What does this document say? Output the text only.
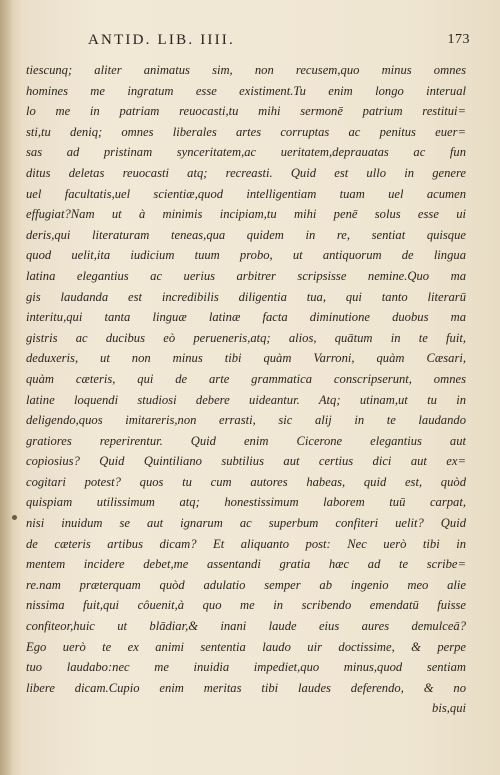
ANTID. LIB. IIII.	173
tiescunq; aliter animatus sim, non recusem,quo minus omnes
homines me ingratum esse existiment.Tu enim longo interual
lo me in patriam reuocasti,tu mihi sermonē patrium restitui=
sti,tu deniq; omnes liberales artes corruptas ac penitus euer=
sas ad pristinam synceritatem,ac ueritatem,deprauatas ac fun
ditus deletas reuocasti atq; recreasti. Quid est ullo in genere
uel facultatis,uel scientiæ,quod intelligentiam tuam uel acumen
effugiat?Nam ut à minimis incipiam,tu mihi penē solus esse ui
deris,qui literaturam teneas,qua quidem in re, sentiat quisque
quod uelit,ita iudicium tuum probo, ut antiquorum de lingua
latina elegantius ac uerius arbitrer scripsisse nemine.Quo ma
gis laudanda est incredibilis diligentia tua, qui tanto literarū
interitu,qui tanta linguæ latinæ facta diminutione duobus ma
gistris ac ducibus eò perueneris,atq; alios, quātum in te fuit,
deduxeris, ut non minus tibi quàm Varroni, quàm Cæsari,
quàm cæteris, qui de arte grammatica conscripserunt, omnes
latine loquendi studiosi debere uideantur. Atq; utinam,ut tu in
deligendo,quos imitareris,non errasti, sic alij in te laudando
gratiores reperirentur. Quid enim Cicerone elegantius aut
copiosius? Quid Quintiliano subtilius aut certius dici aut ex=
cogitari potest? quos tu cum autores habeas, quid est, quòd
quispiam utilissimum atq; honestissimum laborem tuū carpat,
nisi inuidum se aut ignarum ac superbum confiteri uelit? Quid
de cæteris artibus dicam? Et aliquanto post: Nec uerò tibi in
mentem incidere debet,me assentandi gratia hæc ad te scribe=
re.nam præterquam quòd adulatio semper ab ingenio meo alie
nissima fuit,qui côuenit,à quo me in scribendo emendatū fuisse
confiteor,huic ut blādiar,& inani laude eius aures demulceā?
Ego uerò te ex animi sententia laudo uir doctissime, & perpe
tuo laudabo:nec me inuidia impediet,quo minus,quod sentiam
libere dicam.Cupio enim meritas tibi laudes deferendo, & no
bis,qui
